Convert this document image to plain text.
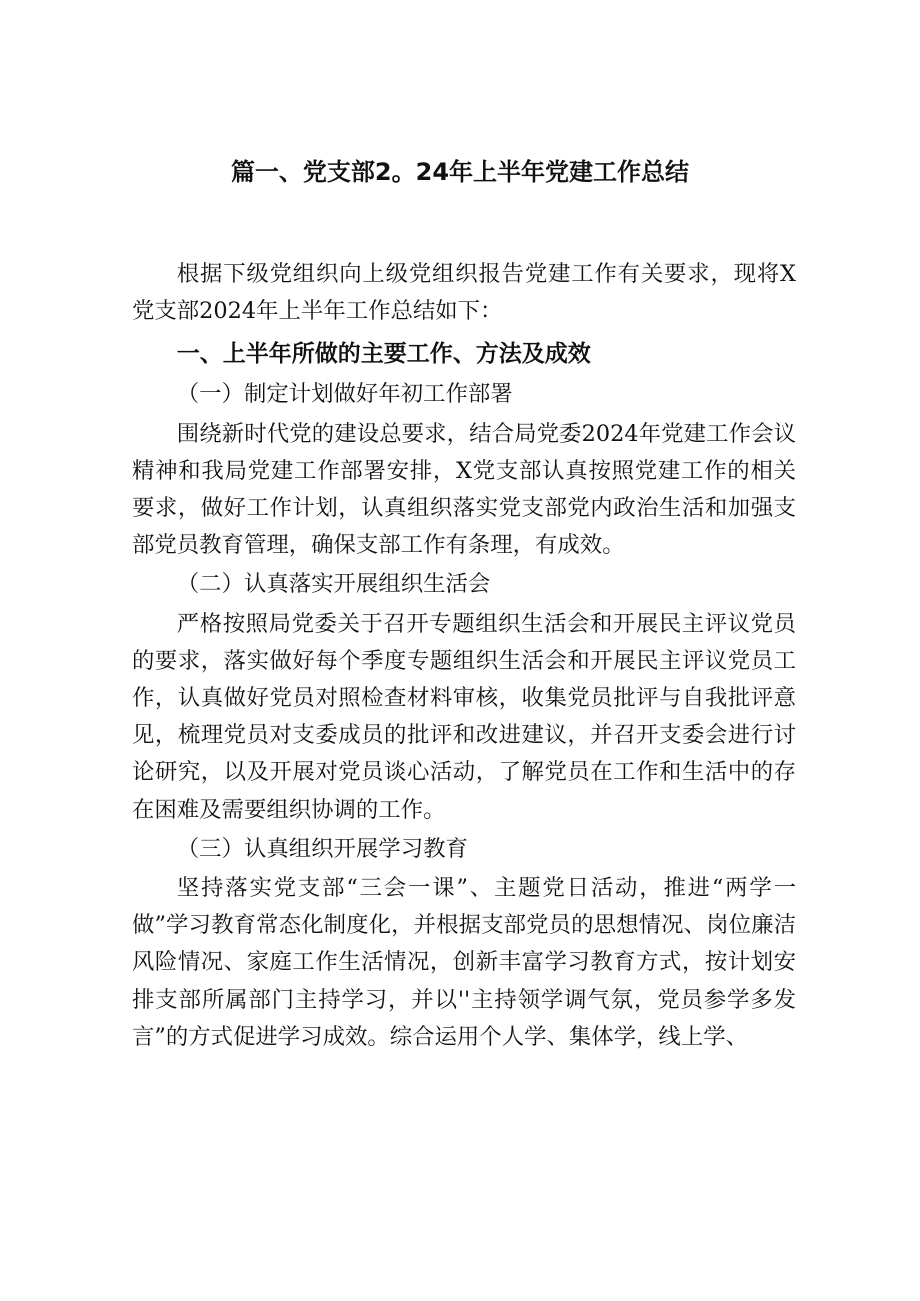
篇一、党支部2。24年上半年党建工作总结

根据下级党组织向上级党组织报告党建工作有关要求，现将X党支部2024年上半年工作总结如下：

一、上半年所做的主要工作、方法及成效

（一）制定计划做好年初工作部署

围绕新时代党的建设总要求，结合局党委2024年党建工作会议精神和我局党建工作部署安排，X党支部认真按照党建工作的相关要求，做好工作计划，认真组织落实党支部党内政治生活和加强支部党员教育管理，确保支部工作有条理，有成效。

（二）认真落实开展组织生活会

严格按照局党委关于召开专题组织生活会和开展民主评议党员的要求，落实做好每个季度专题组织生活会和开展民主评议党员工作，认真做好党员对照检查材料审核，收集党员批评与自我批评意见，梳理党员对支委成员的批评和改进建议，并召开支委会进行讨论研究，以及开展对党员谈心活动，了解党员在工作和生活中的存在困难及需要组织协调的工作。

（三）认真组织开展学习教育

坚持落实党支部“三会一课”、主题党日活动，推进“两学一做”学习教育常态化制度化，并根据支部党员的思想情况、岗位廉洁风险情况、家庭工作生活情况，创新丰富学习教育方式，按计划安排支部所属部门主持学习，并以''主持领学调气氛，党员参学多发言”的方式促进学习成效。综合运用个人学、集体学，线上学、
